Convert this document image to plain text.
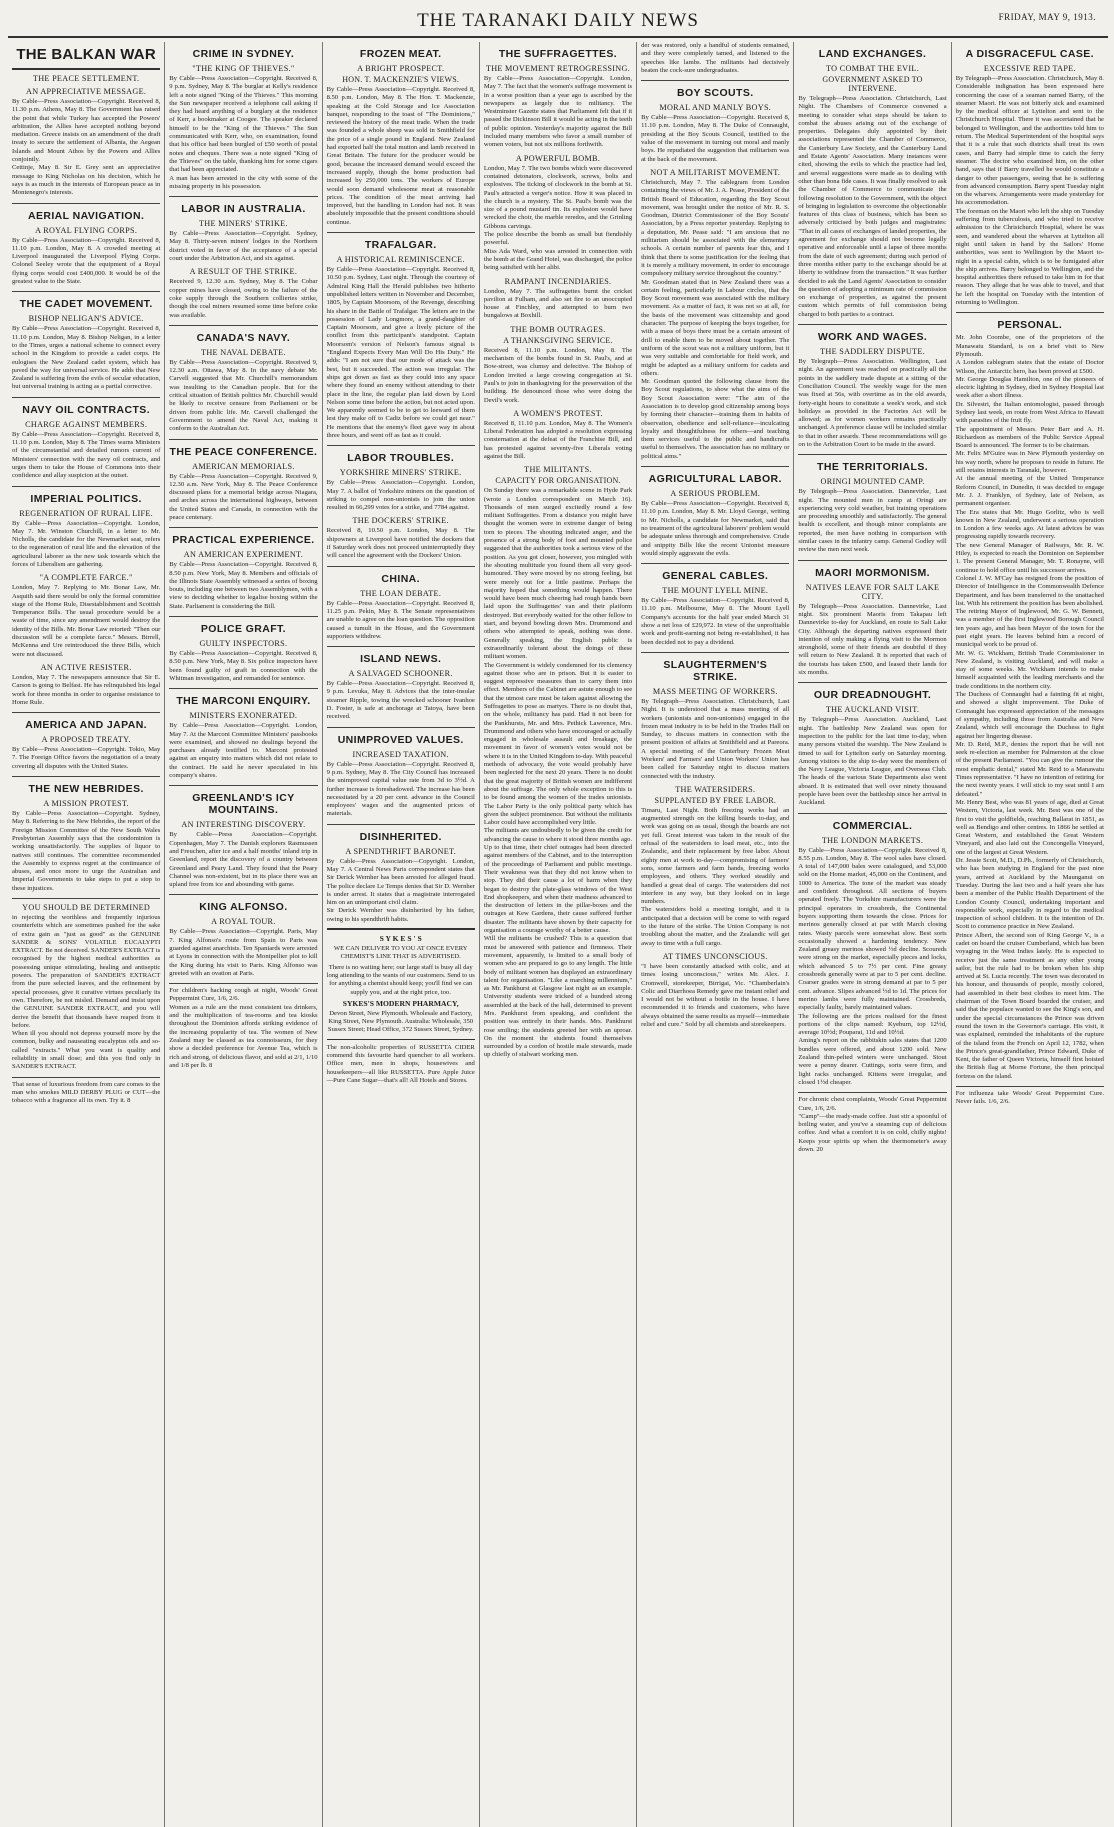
THE TARANAKI DAILY NEWS	FRIDAY, MAY 9, 1913.
THE BALKAN WAR
THE PEACE SETTLEMENT.
AN APPRECIATIVE MESSAGE.
By Cable—Press Association—Copyright. Received 8, 11.30 p.m. Athens, May 8. The Government has raised the point that while Turkey has accepted the Powers' arbitration, the Allies have accepted nothing beyond mediation. Greece insists on an amendment of the draft treaty to secure the settlement of Albania, the Aegean Islands and Mount Athos by the Powers and Allies conjointly.
Cettinje, May 8. Sir E. Grey sent an appreciative message to King Nicholas on his decision, which he says is as much in the interests of European peace as in Montenegro's interests.
AERIAL NAVIGATION.
A ROYAL FLYING CORPS.
By Cable—Press Association—Copyright. Received 8, 11.10 p.m. London, May 8. A crowded meeting at Liverpool inaugurated the Liverpool Flying Corps. Colonel Seeley wrote that the equipment of a Royal flying corps would cost £400,000. It would be of the greatest value to the State.
THE CADET MOVEMENT.
BISHOP NELIGAN'S ADVICE.
By Cable—Press Association—Copyright. Received 8, 11.10 p.m. London, May 8. Bishop Neligan, in a letter to the Times, urges a national scheme to connect every school in the Kingdom to provide a cadet corps. He eulogises the New Zealand cadet system, which has paved the way for universal service. He adds that New Zealand is suffering from the evils of secular education, but universal training is acting as a partial corrective.
NAVY OIL CONTRACTS.
CHARGE AGAINST MEMBERS.
By Cable—Press Association—Copyright. Received 8, 11.10 p.m. London, May 8. The Times warns Ministers of the circumstantial and detailed rumors current of Ministers' connection with the navy oil contracts, and urges them to take the House of Commons into their confidence and allay suspicion at the outset.
IMPERIAL POLITICS.
REGENERATION OF RURAL LIFE.
By Cable—Press Association—Copyright. London, May 7. Mr. Winston Churchill, in a letter to Mr. Nicholls, the candidate for the Newmarket seat, refers to the regeneration of rural life and the elevation of the agricultural laborer as the new task towards which the forces of Liberalism are gathering.
"A COMPLETE FARCE."
London, May 7. Replying to Mr. Bonar Law, Mr. Asquith said there would be only the formal committee stage of the Home Rule, Disestablishment and Scottish Temperance Bills. The usual procedure would be a waste of time, since any amendment would destroy the identity of the Bills. Mr. Bonar Law retorted: "Then our discussion will be a complete farce." Messrs. Birrell, McKenna and Ure reintroduced the three Bills, which were not discussed.
AN ACTIVE RESISTER.
London, May 7. The newspapers announce that Sir E. Carson is going to Belfast. He has relinquished his legal work for three months in order to organise resistance to Home Rule.
AMERICA AND JAPAN.
A PROPOSED TREATY.
By Cable—Press Association—Copyright. Tokio, May 7. The Foreign Office favors the negotiation of a treaty covering all disputes with the United States.
THE NEW HEBRIDES.
A MISSION PROTEST.
By Cable—Press Association—Copyright. Sydney, May 8. Referring to the New Hebrides, the report of the Foreign Mission Committee of the New South Wales Presbyterian Assembly says that the condominion is working unsatisfactorily. The supplies of liquor to natives still continues. The committee recommended the Assembly to express regret at the continuance of abuses, and once more to urge the Australian and Imperial Governments to take steps to put a stop to these injustices.
YOU SHOULD BE DETERMINED
in rejecting the worthless and frequently injurious counterfeits which are sometimes pushed for the sake of extra gain as "just as good" as the GENUINE SANDER & SONS' VOLATILE EUCALYPTI EXTRACT. Be not deceived. SANDER'S EXTRACT is recognised by the highest medical authorities as possessing unique stimulating, healing and antiseptic powers. The preparation of SANDER'S EXTRACT from the pure selected leaves, and the refinement by special processes, give it curative virtues peculiarly its own. Therefore, be not misled. Demand and insist upon the GENUINE SANDER EXTRACT, and you will derive the benefit that thousands have reaped from it before.
When ill you should not depress yourself more by the common, bulky and nauseating eucalyptus oils and so-called "extracts." What you want is quality and reliability in small dose; and this you find only in SANDER'S EXTRACT.
That sense of luxurious freedom from care comes to the man who smokes MILD DERBY PLUG or CUT—the tobacco with a fragrance all its own. Try it. 8
CRIME IN SYDNEY.
"THE KING OF THIEVES."
By Cable—Press Association—Copyright. Received 8, 9 p.m. Sydney, May 8. The burglar at Kelly's residence left a note signed "King of the Thieves." This morning the Sun newspaper received a telephone call asking if they had heard anything of a burglary at the residence of Kerr, a bookmaker at Coogee. The speaker declared himself to be the "King of the Thieves." The Sun communicated with Kerr, who, on examination, found that his office had been burgled of £50 worth of postal notes and cheques. There was a note signed "King of the Thieves" on the table, thanking him for some cigars that had been appreciated.
A man has been arrested in the city with some of the missing property in his possession.
LABOR IN AUSTRALIA.
THE MINERS' STRIKE.
By Cable—Press Association—Copyright. Sydney, May 8. Thirty-seven miners' lodges in the Northern district voted in favor of the acceptance of a special court under the Arbitration Act, and six against.
A RESULT OF THE STRIKE.
Received 9, 12.30 a.m. Sydney, May 8. The Cobar copper mines have closed, owing to the failure of the coke supply through the Southern collieries strike, though the coal miners resumed some time before coke was available.
CANADA'S NAVY.
THE NAVAL DEBATE.
By Cable—Press Association—Copyright. Received 9, 12.30 a.m. Ottawa, May 8. In the navy debate Mr. Carvell suggested that Mr. Churchill's memorandum was insulting to the Canadian people. But for the critical situation of British politics Mr. Churchill would be likely to receive censure from Parliament or be driven from public life. Mr. Carvell challenged the Government to amend the Naval Act, making it conform to the Australian Act.
THE PEACE CONFERENCE.
AMERICAN MEMORIALS.
By Cable—Press Association—Copyright. Received 9, 12.30 a.m. New York, May 8. The Peace Conference discussed plans for a memorial bridge across Niagara, and arches across the international highways, between the United States and Canada, in connection with the peace centenary.
PRACTICAL EXPERIENCE.
AN AMERICAN EXPERIMENT.
By Cable—Press Association—Copyright. Received 8, 8.50 p.m. New York, May 8. Members and officials of the Illinois State Assembly witnessed a series of boxing bouts, including one between two Assemblymen, with a view to deciding whether to legalise boxing within the State. Parliament is considering the Bill.
POLICE GRAFT.
GUILTY INSPECTORS.
By Cable—Press Association—Copyright. Received 8, 8.50 p.m. New York, May 8. Six police inspectors have been found guilty of graft in connection with the Whitman investigation, and remanded for sentence.
THE MARCONI ENQUIRY.
MINISTERS EXONERATED.
By Cable—Press Association—Copyright. London, May 7. At the Marconi Committee Ministers' passbooks were examined, and showed no dealings beyond the purchases already testified to. Marconi protested against an enquiry into matters which did not relate to the contract. He said he never speculated in his company's shares.
GREENLAND'S ICY MOUNTAINS.
AN INTERESTING DISCOVERY.
By Cable—Press Association—Copyright. Copenhagen, May 7. The Danish explorers Rasmussen and Freuchen, after ice and a half months' inland trip in Greenland, report the discovery of a country between Greenland and Peary Land. They found that the Peary Channel was non-existent, but in its place there was an upland free from ice and abounding with game.
KING ALFONSO.
A ROYAL TOUR.
By Cable—Press Association—Copyright. Paris, May 7. King Alfonso's route from Spain to Paris was guarded against anarchists. Ten Spaniards were arrested at Lyons in connection with the Montpellier plot to kill the King during his visit to Paris. King Alfonso was greeted with an ovation at Paris.
For children's hacking cough at night, Woods' Great Peppermint Cure, 1/6, 2/6.
Women as a rule are the most consistent tea drinkers, and the multiplication of tea-rooms and tea kiosks throughout the Dominion affords striking evidence of the increasing popularity of tea. The women of New Zealand may be classed as tea connoisseurs, for they show a decided preference for Avenue Tea, which is rich and strong, of delicious flavor, and sold at 2/1, 1/10 and 1/8 per lb. 8
FROZEN MEAT.
A BRIGHT PROSPECT.
HON. T. MACKENZIE'S VIEWS.
By Cable—Press Association—Copyright. Received 8, 8.50 p.m. London, May 8. The Hon. T. Mackenzie, speaking at the Cold Storage and Ice Association banquet, responding to the toast of "The Dominions," reviewed the history of the meat trade. When the trade was founded a whole sheep was sold in Smithfield for the price of a single pound in England. New Zealand had exported half the total mutton and lamb received in Great Britain. The future for the producer would be good, because the increased demand would exceed the increased supply, though the home production had increased by 250,000 tons. The workers of Europe would soon demand wholesome meat at reasonable prices. The condition of the meat arriving had improved, but the handling in London had not. It was absolutely impossible that the present conditions should continue.
TRAFALGAR.
A HISTORICAL REMINISCENCE.
By Cable—Press Association—Copyright. Received 8, 10.50 p.m. Sydney, Last night. Through the courtesy of Admiral King Hall the Herald publishes two hitherto unpublished letters written in November and December, 1805, by Captain Moorsom, of the Revenge, describing his share in the Battle of Trafalgar. The letters are in the possession of Lady Longmore, a grand-daughter of Captain Moorsom, and give a lively picture of the conflict from this participant's standpoint. Captain Moorsom's version of Nelson's famous signal is "England Expects Every Man Will Do His Duty." He adds: "I am not sure that our mode of attack was the best, but it succeeded. The action was irregular. The ships got down as fast as they could into any space where they found an enemy without attending to their place in the line, the regular plan laid down by Lord Nelson some time before the action, but not acted upon. We apparently seemed to be to get to leeward of them lest they make off to Cadiz before we could get near." He mentions that the enemy's fleet gave way in about three hours, and went off as fast as it could.
LABOR TROUBLES.
YORKSHIRE MINERS' STRIKE.
By Cable—Press Association—Copyright. London, May 7. A ballot of Yorkshire miners on the question of striking to compel non-unionists to join the union resulted in 66,299 votes for a strike, and 7784 against.
THE DOCKERS' STRIKE.
Received 8, 10.50 p.m. London, May 8. The shipowners at Liverpool have notified the dockers that if Saturday work does not proceed uninterruptedly they will cancel the agreement with the Dockers' Union.
CHINA.
THE LOAN DEBATE.
By Cable—Press Association—Copyright. Received 8, 11.25 p.m. Pekin, May 8. The Senate representatives are unable to agree on the loan question. The opposition caused a tumult in the House, and the Government supporters withdrew.
ISLAND NEWS.
A SALVAGED SCHOONER.
By Cable—Press Association—Copyright. Received 8, 9 p.m. Levuka, May 8. Advices that the inter-insular steamer Ripple, towing the wrecked schooner Ivanhoe D. Foster, is safe at anchorage at Tatoya, have been received.
UNIMPROVED VALUES.
INCREASED TAXATION.
By Cable—Press Association—Copyright. Received 8, 9 p.m. Sydney, May 8. The City Council has increased the unimproved capital value rate from 3d to 3½d. A further increase is foreshadowed. The increase has been necessitated by a 20 per cent. advance in the Council employees' wages and the augmented prices of materials.
DISINHERITED.
A SPENDTHRIFT BARONET.
By Cable—Press Association—Copyright. London, May 7. A Central News Paris correspondent states that Sir Derick Wernher has been arrested for alleged fraud. The police declare Le Temps denies that Sir D. Wernher is under arrest. It states that a magistrate interrogated him on an unimportant civil claim.
Sir Derick Wernher was disinherited by his father, owing to his spendthrift habits.
S Y K E S ' S
WE CAN DELIVER TO YOU AT ONCE EVERY CHEMIST'S LINE THAT IS ADVERTISED.
There is no waiting here; our large staff is busy all day long attending to the wants of our customers. Send to us for anything a chemist should keep; you'll find we can supply you, and at the right price, too.
SYKES'S MODERN PHARMACY,
Devon Street, New Plymouth. Wholesale and Factory, King Street, New Plymouth. Australia: Wholesale, 350 Sussex Street; Head Office, 372 Sussex Street, Sydney.
The non-alcoholic properties of RUSSETTA CIDER commend this favourite hard quencher to all workers. Office men, men in shops, housewives and housekeepers—all like RUSSETTA. Pure Apple Juice—Pure Cane Sugar—that's all! All Hotels and Stores.
THE SUFFRAGETTES.
THE MOVEMENT RETROGRESSING.
By Cable—Press Association—Copyright. London, May 7. The fact that the women's suffrage movement is in a worse position than a year ago is ascribed by the newspapers as largely due to militancy. The Westminster Gazette states that Parliament felt that if it passed the Dickinson Bill it would be acting in the teeth of public opinion. Yesterday's majority against the Bill included many members who favor a small number of women voters, but not six millions forthwith.
A POWERFUL BOMB.
London, May 7. The two bombs which were discovered contained detonators, clockwork, screws, bolts and explosives. The ticking of clockwork in the bomb at St. Paul's attracted a verger's notice. How it was placed in the church is a mystery. The St. Paul's bomb was the size of a pound mustard tin. Its explosion would have wrecked the choir, the marble reredos, and the Grinling Gibbons carvings.
The police describe the bomb as small but fiendishly powerful.
Miss Ada Ward, who was arrested in connection with the bomb at the Grand Hotel, was discharged, the police being satisfied with her alibi.
RAMPANT INCENDIARIES.
London, May 7. The suffragettes burnt the cricket pavilion at Fulham, and also set fire to an unoccupied house at Finchley, and attempted to burn two bungalows at Boxhill.
THE BOMB OUTRAGES.
A THANKSGIVING SERVICE.
Received 8, 11.10 p.m. London, May 8. The mechanism of the bombs found in St. Paul's, and at Bow-street, was clumsy and defective. The Bishop of London invited a large crowing congregation at St. Paul's to join in thanksgiving for the preservation of the building. He denounced those who were doing the Devil's work.
A WOMEN'S PROTEST.
Received 8, 11.10 p.m. London, May 8. The Women's Liberal Federation has adopted a resolution expressing consternation at the defeat of the Franchise Bill, and has protested against seventy-five Liberals voting against the Bill.
THE MILITANTS.
CAPACITY FOR ORGANISATION.
On Sunday there was a remarkable scene in Hyde Park (wrote a London correspondent on March 16). Thousands of men surged excitedly round a few militant Suffragettes. From a distance you might have thought the women were in extreme danger of being torn to pieces. The shouting indicated anger, and the presence of a strong body of foot and mounted police suggested that the authorities took a serious view of the position. As you got closer, however, you mingled with the shouting multitude you found them all very good-humoured. They were moved by no strong feeling, but were merely out for a little pastime. Perhaps the majority hoped that something would happen. There would have been much cheering had rough hands been laid upon the Suffragettes' van and their platform destroyed. But everybody waited for the other fellow to start, and beyond bowling down Mrs. Drummond and others who attempted to speak, nothing was done. Generally speaking, the English public is extraordinarily tolerant about the doings of these militant women.
The Government is widely condemned for its clemency against those who are in prison. But it is easier to suggest repressive measures than to carry them into effect. Members of the Cabinet are astute enough to see that the utmost care must be taken against allowing the Suffragettes to pose as martyrs. There is no doubt that, on the whole, militancy has paid. Had it not been for the Pankhursts, Mr. and Mrs. Pethick Lawrence, Mrs. Drummond and others who have encouraged or actually engaged in wholesale assault and breakage, the movement in favor of women's votes would not be where it is in the United Kingdom to-day. With peaceful methods of advocacy, the vote would probably have been neglected for the next 20 years. There is no doubt that the great majority of British women are indifferent about the suffrage. The only whole exception to this is to be found among the women of the trades unionists. The Labor Party is the only political party which has given the subject prominence. But without the militants Labor could have accomplished very little.
The militants are undoubtedly to be given the credit for advancing the cause to where it stood three months ago. Up to that time, their chief outrages had been directed against members of the Cabinet, and to the interruption of the proceedings of Parliament and public meetings. Their weakness was that they did not know when to stop. They did their cause a lot of harm when they began to destroy the plate-glass windows of the West End shopkeepers, and when their madness advanced to the destruction of letters in the pillar-boxes and the outrages at Kew Gardens, their cause suffered further disaster. The militants have shown by their capacity for organisation a courage worthy of a better cause.
Will the militants be crushed? This is a question that must be answered with patience and firmness. Their movement, apparently, is limited to a small body of women who are prepared to go to any length. The little body of militant women has displayed an extraordinary talent for organisation. "Like a marching millennium," as Mr. Pankhurst at Glasgow last night as an example. University students were tricked of a hundred strong assembled at the back of the hall, determined to prevent Mrs. Pankhurst from speaking, and confident the position was entirely in their hands. Mrs. Pankhurst rose smiling; the students greeted her with an uproar. On the moment the students found themselves surrounded by a cordon of hostile male stewards, made up chiefly of stalwart working men.
der was restored, only a handful of students remained, and they were completely tamed, and listened to the speeches like lambs. The militants had decisively beaten the cock-sure undergraduates.
BOY SCOUTS.
MORAL AND MANLY BOYS.
By Cable—Press Association—Copyright. Received 8, 11.10 p.m. London, May 8. The Duke of Connaught, presiding at the Boy Scouts Council, testified to the value of the movement in turning out moral and manly boys. He repudiated the suggestion that militarism was at the back of the movement.
NOT A MILITARIST MOVEMENT.
Christchurch, May 7. The cablegram from London containing the views of Mr. J. A. Pease, President of the British Board of Education, regarding the Boy Scout movement, was brought under the notice of Mr. R. S. Goodman, District Commissioner of the Boy Scouts' Association, by a Press reporter yesterday. Replying to a deputation, Mr. Pease said: "I am anxious that no militarism should be associated with the elementary schools. A certain number of parents fear this, and I think that there is some justification for the feeling that it is merely a military movement, in order to encourage compulsory military service throughout the country."
Mr. Goodman stated that in New Zealand there was a certain feeling, particularly in Labour circles, that the Boy Scout movement was associated with the military movement. As a matter of fact, it was not so at all, for the basis of the movement was citizenship and good character. The purpose of keeping the boys together, for with a mass of boys there must be a certain amount of drill to enable them to be moved about together. The uniform of the scout was not a military uniform, but it was very suitable and comfortable for field work, and might be adapted as a military uniform for cadets and others.
Mr. Goodman quoted the following clause from the Boy Scout regulations, to show what the aims of the Boy Scout Association were: "The aim of the Association is to develop good citizenship among boys by forming their character—training them in habits of observation, obedience and self-reliance—inculcating loyalty and thoughtfulness for others—and teaching them services useful to the public and handicrafts useful to themselves. The association has no military or political aims."
AGRICULTURAL LABOR.
A SERIOUS PROBLEM.
By Cable—Press Association—Copyright. Received 8, 11.10 p.m. London, May 8. Mr. Lloyd George, writing to Mr. Nicholls, a candidate for Newmarket, said that no treatment of the agricultural laborers' problem would be adequate unless thorough and comprehensive. Crude and snippity Bills like the recent Unionist measure would simply aggravate the evils.
GENERAL CABLES.
THE MOUNT LYELL MINE.
By Cable—Press Association—Copyright. Received 8, 11.10 p.m. Melbourne, May 8. The Mount Lyell Company's accounts for the half year ended March 31 show a net loss of £29,972. In view of the unprofitable work and profit-earning not being re-established, it has been decided not to pay a dividend.
SLAUGHTERMEN'S STRIKE.
MASS MEETING OF WORKERS.
By Telegraph—Press Association. Christchurch, Last Night. It is understood that a mass meeting of all workers (unionists and non-unionists) engaged in the frozen meat industry is to be held in the Trades Hall on Sunday, to discuss matters in connection with the present position of affairs at Smithfield and at Pareora. A special meeting of the Canterbury Frozen Meat Workers' and Farmers' and Union Workers' Union has been called for Saturday night to discuss matters connected with the industry.
THE WATERSIDERS.
SUPPLANTED BY FREE LABOR.
Timaru, Last Night. Both freezing works had an augmented strength on the killing boards to-day, and work was going on as usual, though the boards are not yet full. Great interest was taken in the result of the refusal of the watersiders to load meat, etc., into the Zealandic, and their replacement by free labor. About eighty men at work to-day—compromising of farmers' sons, some farmers and farm hands, freezing works employees, and others. They worked steadily and handled a great deal of cargo. The watersiders did not interfere in any way, but they looked on in large numbers.
The watersiders hold a meeting tonight, and it is anticipated that a decision will be come to with regard to the future of the strike. The Union Company is not troubling about the matter, and the Zealandic will get away to time with a full cargo.
AT TIMES UNCONSCIOUS.
"I have been constantly attacked with colic, and at times losing unconscious," writes Mr. Alex. J. Cromwell, storekeeper, Birrigai, Vic. "Chamberlain's Colic and Diarrhoea Remedy gave me instant relief and I would not be without a bottle in the house. I have recommended it to friends and customers, who have always obtained the same results as myself—immediate relief and cure." Sold by all chemists and storekeepers.
LAND EXCHANGES.
TO COMBAT THE EVIL.
GOVERNMENT ASKED TO INTERVENE.
By Telegraph—Press Association. Christchurch, Last Night. The Chambers of Commerce convened a meeting to consider what steps should be taken to combat the abuses arising out of the exchange of properties. Delegates duly appointed by their associations represented the Chamber of Commerce, the Canterbury Law Society, and the Canterbury Land and Estate Agents' Association. Many instances were cited, showing the evils to which the practice had led, and several suggestions were made as to dealing with other than bona fide cases. It was finally resolved to ask the Chamber of Commerce to communicate the following resolution to the Government, with the object of bringing in legislation to overcome the objectionable features of this class of business, which has been so adversely criticised by both judges and magistrates: "That in all cases of exchanges of landed properties, the agreement for exchange should not become legally operative and enforceable until a lapse of three months from the date of such agreement; during such period of three months either party to the exchange should be at liberty to withdraw from the transaction." It was further decided to ask the Land Agents' Association to consider the question of adopting a minimum rate of commission on exchange of properties, as against the present custom which permits of full commission being charged to both parties to a contract.
WORK AND WAGES.
THE SADDLERY DISPUTE.
By Telegraph—Press Association. Wellington, Last night. An agreement was reached on practically all the points in the saddlery trade dispute at a sitting of the Conciliation Council. The weekly wage for the men was fixed at 56s, with overtime as in the old awards, forty-eight hours to constitute a week's work, and sick holidays as provided in the Factories Act will be allowed; as for women workers remains practically unchanged. A preference clause will be included similar to that in other awards. These recommendations will go on to the Arbitration Court to be made in the award.
THE TERRITORIALS.
ORINGI MOUNTED CAMP.
By Telegraph—Press Association. Dannevirke, Last night. The mounted men in camp at Oringi are experiencing very cold weather, but training operations are proceeding smoothly and satisfactorily. The general health is excellent, and though minor complaints are reported, the men have nothing in comparison with similar cases in the infantry camp. General Godley will review the men next week.
MAORI MORMONISM.
NATIVES LEAVE FOR SALT LAKE CITY.
By Telegraph—Press Association. Dannevirke, Last night. Six prominent Maoris from Takapau left Dannevirke to-day for Auckland, en route to Salt Lake City. Although the departing natives expressed their intention of only making a flying visit to the Mormon stronghold, some of their friends are doubtful if they will return to New Zealand. It is reported that each of the tourists has taken £500, and leased their lands for six months.
OUR DREADNOUGHT.
THE AUCKLAND VISIT.
By Telegraph—Press Association. Auckland, Last night. The battleship New Zealand was open for inspection to the public for the last time to-day, when many persons visited the warship. The New Zealand is timed to sail for Lyttelton early on Saturday morning. Among visitors to the ship to-day were the members of the Navy League, Victoria League, and Overseas Club. The heads of the various State Departments also went aboard. It is estimated that well over ninety thousand people have been over the battleship since her arrival in Auckland.
COMMERCIAL.
THE LONDON MARKETS.
By Cable—Press Association—Copyright. Received 8, 8.55 p.m. London, May 8. The wool sales have closed. A total of 147,000 bales were catalogued, and 53,000 sold on the Home market, 45,000 on the Continent, and 1000 to America. The tone of the market was steady and confident throughout. All sections of buyers operated freely. The Yorkshire manufacturers were the principal operators in crossbreds, the Continental buyers supporting them towards the close. Prices for merinos generally closed at par with March closing rates. Wasty parcels were somewhat slow. Best sorts occasionally showed a hardening tendency. New Zealand greasy merinos showed ½d decline. Scoureds were strong on the market, especially pieces and locks, which advanced 5 to 7½ per cent. Fine greasy crossbreds generally were at par to 5 per cent. decline. Coarser grades were in strong demand at par to 5 per cent. advance. Slipes advanced ½d to 1d. The prices for merino lambs were fully maintained. Crossbreds, especially faulty, barely maintained values.
The following are the prices realised for the finest portions of the clips named: Kyeburn, top 12½d, average 10½d; Pouparai, 11d and 10½d.
Aming's report on the rabbitskin sales states that 1200 bundles were offered, and about 1200 sold. New Zealand thin-pelted winters were unchanged. Stout were a penny dearer. Cuttings, sorts were firm, and light racks unchanged. Kittens were irregular, and closed 1½d cheaper.
For chronic chest complaints, Woods' Great Peppermint Cure, 1/6, 2/6.
"Camp"—the ready-made coffee. Just stir a spoonful of boiling water, and you've a steaming cup of delicious coffee. And what a comfort it is on cold, chilly nights! Keeps your spirits up when the thermometer's away down. 20
A DISGRACEFUL CASE.
EXCESSIVE RED TAPE.
By Telegraph—Press Association. Christchurch, May 8. Considerable indignation has been expressed here concerning the case of a seaman named Barry, of the steamer Maori. He was not bitterly sick and examined by the medical officer at Lyttelton and sent to the Christchurch Hospital. There it was ascertained that he belonged to Wellington, and the authorities told him to return. The Medical Superintendent of the hospital says that it is a rule that such districts shall treat its own cases, and Barry had simple time to catch the ferry steamer. The doctor who examined him, on the other hand, says that if Barry travelled he would constitute a danger to other passengers, seeing that he is suffering from advanced consumption. Barry spent Tuesday night on the wharves. Arrangements were made yesterday for his accommodation.
The foreman on the Maori who left the ship on Tuesday suffering from tuberculosis, and who tried to receive admission to the Christchurch Hospital, where he was seen, and wandered about the wharves at Lyttelton all night until taken in hand by the Sailors' Home authorities, was sent to Wellington by the Maori to-night in a special cabin, which is to be fumigated after the ship arrives. Barry belonged to Wellington, and the hospital authorities there refused to take him in for that reason. They allege that he was able to travel, and that he left the hospital on Tuesday with the intention of returning to Wellington.
PERSONAL.
Mr. John Coombe, one of the proprietors of the Manawatu Standard, is on a brief visit to New Plymouth.
A London cablegram states that the estate of Doctor Wilson, the Antarctic hero, has been proved at £500.
Mr. George Douglas Hamilton, one of the pioneers of electric lighting in Sydney, died in Sydney Hospital last week after a short illness.
Dr. Silvestri, the Italian entomologist, passed through Sydney last week, en route from West Africa to Hawaii with parasites of the fruit fly.
The appointment of Messrs. Peter Barr and A. H. Richardson as members of the Public Service Appeal Board is announced. The former is to be chairman.
Mr. Felix M'Guire was in New Plymouth yesterday on his way north, where he proposes to reside in future. He still retains interests in Taranaki, however.
At the annual meeting of the United Temperance Reform Council, in Dunedin, it was decided to engage Mr. J. J. Franklyn, of Sydney, late of Nelson, as permanent organiser.
The Era states that Mr. Hugo Gorlitz, who is well known in New Zealand, underwent a serious operation in London a few weeks ago. At latest advices he was progressing rapidly towards recovery.
The new General Manager of Railways, Mr. R. W. Hiley, is expected to reach the Dominion on September 1. The present General Manager, Mr. T. Ronayne, will continue to hold office until his successor arrives.
Colonel J. W. M'Cay has resigned from the position of Director of Intelligence in the Commonwealth Defence Department, and has been transferred to the unattached list. With his retirement the position has been abolished.
The retiring Mayor of Inglewood, Mr. G. W. Bennett, was a member of the first Inglewood Borough Council ten years ago, and has been Mayor of the town for the past eight years. He leaves behind him a record of municipal work to be proud of.
Mr. W. G. Wickham, British Trade Commissioner in New Zealand, is visiting Auckland, and will make a stay of some weeks. Mr. Wickham intends to make himself acquainted with the leading merchants and the trade conditions in the northern city.
The Duchess of Connaught had a fainting fit at night, and showed a slight improvement. The Duke of Connaught has expressed appreciation of the messages of sympathy, including those from Australia and New Zealand, which will encourage the Duchess to fight against her lingering disease.
Mr. D. Reid, M.P., denies the report that he will not seek re-election as member for Palmerston at the close of the present Parliament. "You can give the rumour the most emphatic denial," stated Mr. Reid to a Manawatu Times representative. "I have no intention of retiring for the next twenty years. I will stick to my seat until I am defeated."
Mr. Henry Best, who was 81 years of age, died at Great Western, Victoria, last week. Mr. Best was one of the first to visit the goldfields, reaching Ballarat in 1851, as well as Bendigo and other centres. In 1866 he settled at Great Western, and established the Great Western Vineyard, and also laid out the Concongella Vineyard, one of the largest at Great Western.
Dr. Jessie Scott, M.D., D.Ph., formerly of Christchurch, who has been studying in England for the past nine years, arrived at Auckland by the Maunganui on Tuesday. During the last two and a half years she has been a member of the Public Health Department of the London County Council, undertaking important and responsible work, especially in regard to the medical inspection of school children. It is the intention of Dr. Scott to commence practice in New Zealand.
Prince Albert, the second son of King George V., is a cadet on board the cruiser Cumberland, which has been voyaging in the West Indies lately. He is expected to receive just the same treatment as any other young sailor, but the rule had to be broken when his ship arrived at St. Lucia recently. The town was decorated in his honour, and thousands of people, mostly colored, had assembled in their best clothes to meet him. The chairman of the Town Board boarded the cruiser, and said that the populace wanted to see the King's son, and under the special circumstances the Prince was driven round the town in the Governor's carriage. His visit, it was explained, reminded the inhabitants of the rupture of the island from the French on April 12, 1782, when the Prince's great-grandfather, Prince Edward, Duke of Kent, the father of Queen Victoria, himself first hoisted the British flag at Morne Fortune, the then principal fortress on the island.
For influenza take Woods' Great Peppermint Cure. Never fails. 1/6, 2/6.
